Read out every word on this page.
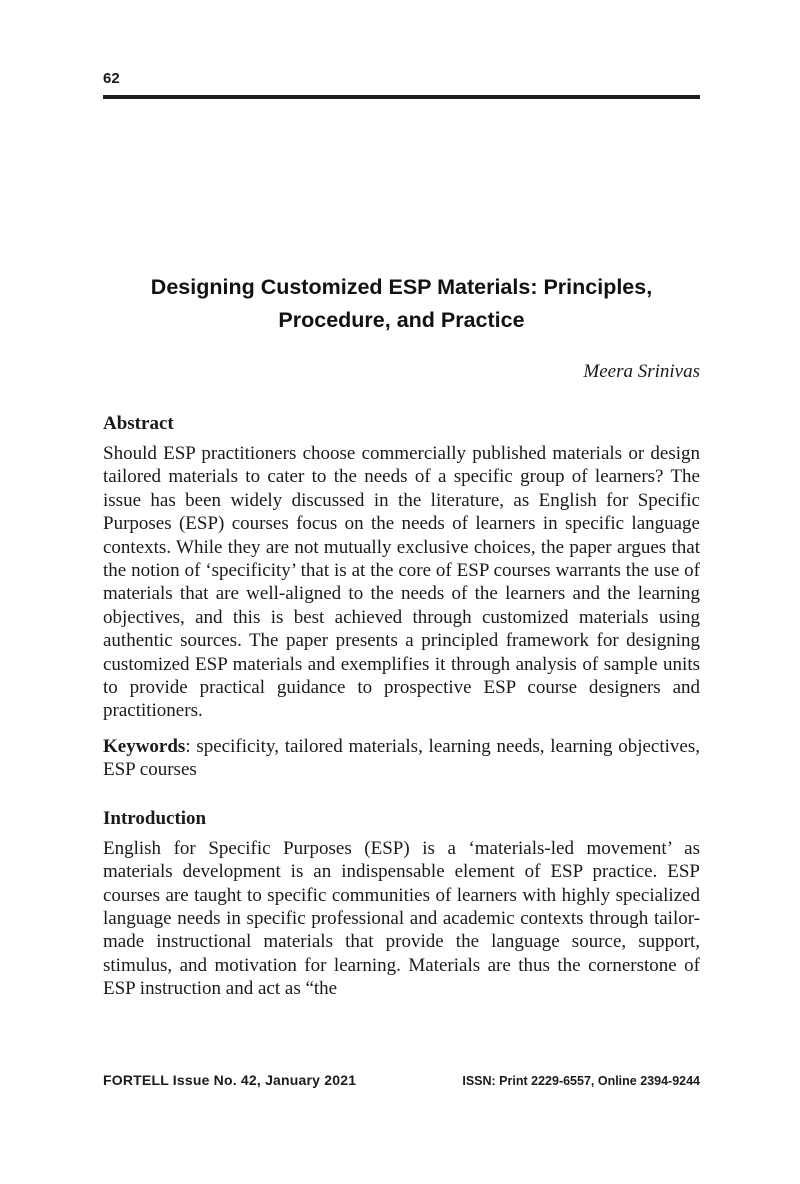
62
Designing Customized ESP Materials: Principles, Procedure, and Practice
Meera Srinivas
Abstract

Should ESP practitioners choose commercially published materials or design tailored materials to cater to the needs of a specific group of learners? The issue has been widely discussed in the literature, as English for Specific Purposes (ESP) courses focus on the needs of learners in specific language contexts. While they are not mutually exclusive choices, the paper argues that the notion of ‘specificity’ that is at the core of ESP courses warrants the use of materials that are well-aligned to the needs of the learners and the learning objectives, and this is best achieved through customized materials using authentic sources. The paper presents a principled framework for designing customized ESP materials and exemplifies it through analysis of sample units to provide practical guidance to prospective ESP course designers and practitioners.

Keywords: specificity, tailored materials, learning needs, learning objectives, ESP courses

Introduction

English for Specific Purposes (ESP) is a ‘materials-led movement’ as materials development is an indispensable element of ESP practice. ESP courses are taught to specific communities of learners with highly specialized language needs in specific professional and academic contexts through tailor-made instructional materials that provide the language source, support, stimulus, and motivation for learning. Materials are thus the cornerstone of ESP instruction and act as “the

FORTELL Issue No. 42, January 2021	ISSN: Print 2229-6557, Online 2394-9244
